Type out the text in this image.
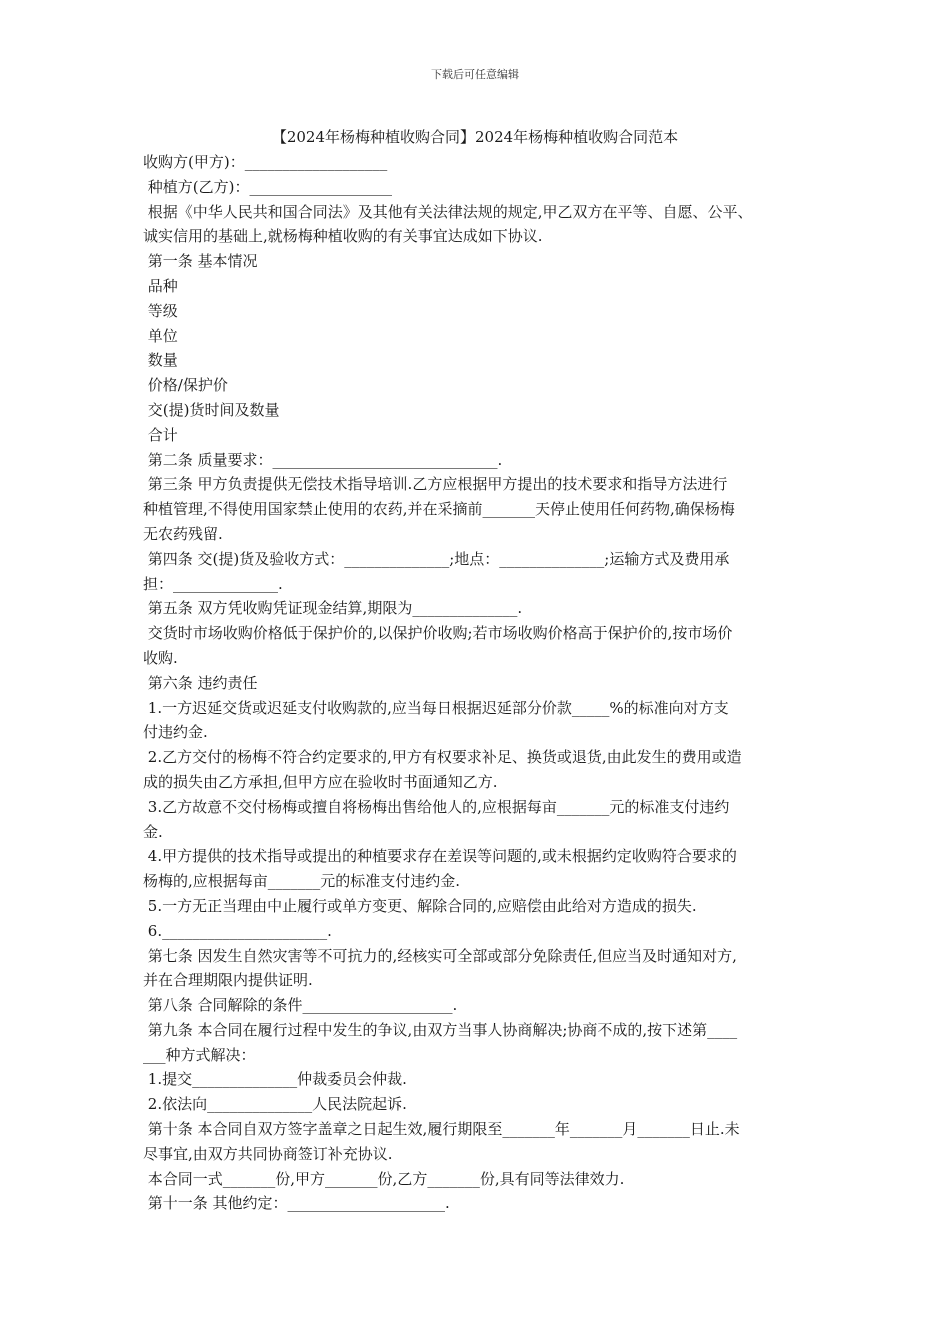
下载后可任意编辑
【2024年杨梅种植收购合同】2024年杨梅种植收购合同范本

收购方(甲方)：___________________

种植方(乙方)：___________________

根据《中华人民共和国合同法》及其他有关法律法规的规定,甲乙双方在平等、自愿、公平、

诚实信用的基础上,就杨梅种植收购的有关事宜达成如下协议.

第一条 基本情况

品种

等级

单位

数量

价格/保护价

交(提)货时间及数量

合计

第二条 质量要求：______________________________.

第三条 甲方负责提供无偿技术指导培训.乙方应根据甲方提出的技术要求和指导方法进行

种植管理,不得使用国家禁止使用的农药,并在采摘前_______天停止使用任何药物,确保杨梅

无农药残留.

第四条 交(提)货及验收方式：______________;地点：______________;运输方式及费用承

担：______________.

第五条 双方凭收购凭证现金结算,期限为______________.

交货时市场收购价格低于保护价的,以保护价收购;若市场收购价格高于保护价的,按市场价

收购.

第六条 违约责任

1.一方迟延交货或迟延支付收购款的,应当每日根据迟延部分价款_____%的标准向对方支

付违约金.

2.乙方交付的杨梅不符合约定要求的,甲方有权要求补足、换货或退货,由此发生的费用或造

成的损失由乙方承担,但甲方应在验收时书面通知乙方.

3.乙方故意不交付杨梅或擅自将杨梅出售给他人的,应根据每亩_______元的标准支付违约

金.

4.甲方提供的技术指导或提出的种植要求存在差误等问题的,或未根据约定收购符合要求的

杨梅的,应根据每亩_______元的标准支付违约金.

5.一方无正当理由中止履行或单方变更、解除合同的,应赔偿由此给对方造成的损失.

6.______________________.

第七条 因发生自然灾害等不可抗力的,经核实可全部或部分免除责任,但应当及时通知对方,

并在合理期限内提供证明.

第八条 合同解除的条件____________________.

第九条 本合同在履行过程中发生的争议,由双方当事人协商解决;协商不成的,按下述第____

___种方式解决：

1.提交______________仲裁委员会仲裁.

2.依法向______________人民法院起诉.

第十条 本合同自双方签字盖章之日起生效,履行期限至_______年_______月_______日止.未

尽事宜,由双方共同协商签订补充协议.

本合同一式_______份,甲方_______份,乙方_______份,具有同等法律效力.

第十一条 其他约定：_____________________.
